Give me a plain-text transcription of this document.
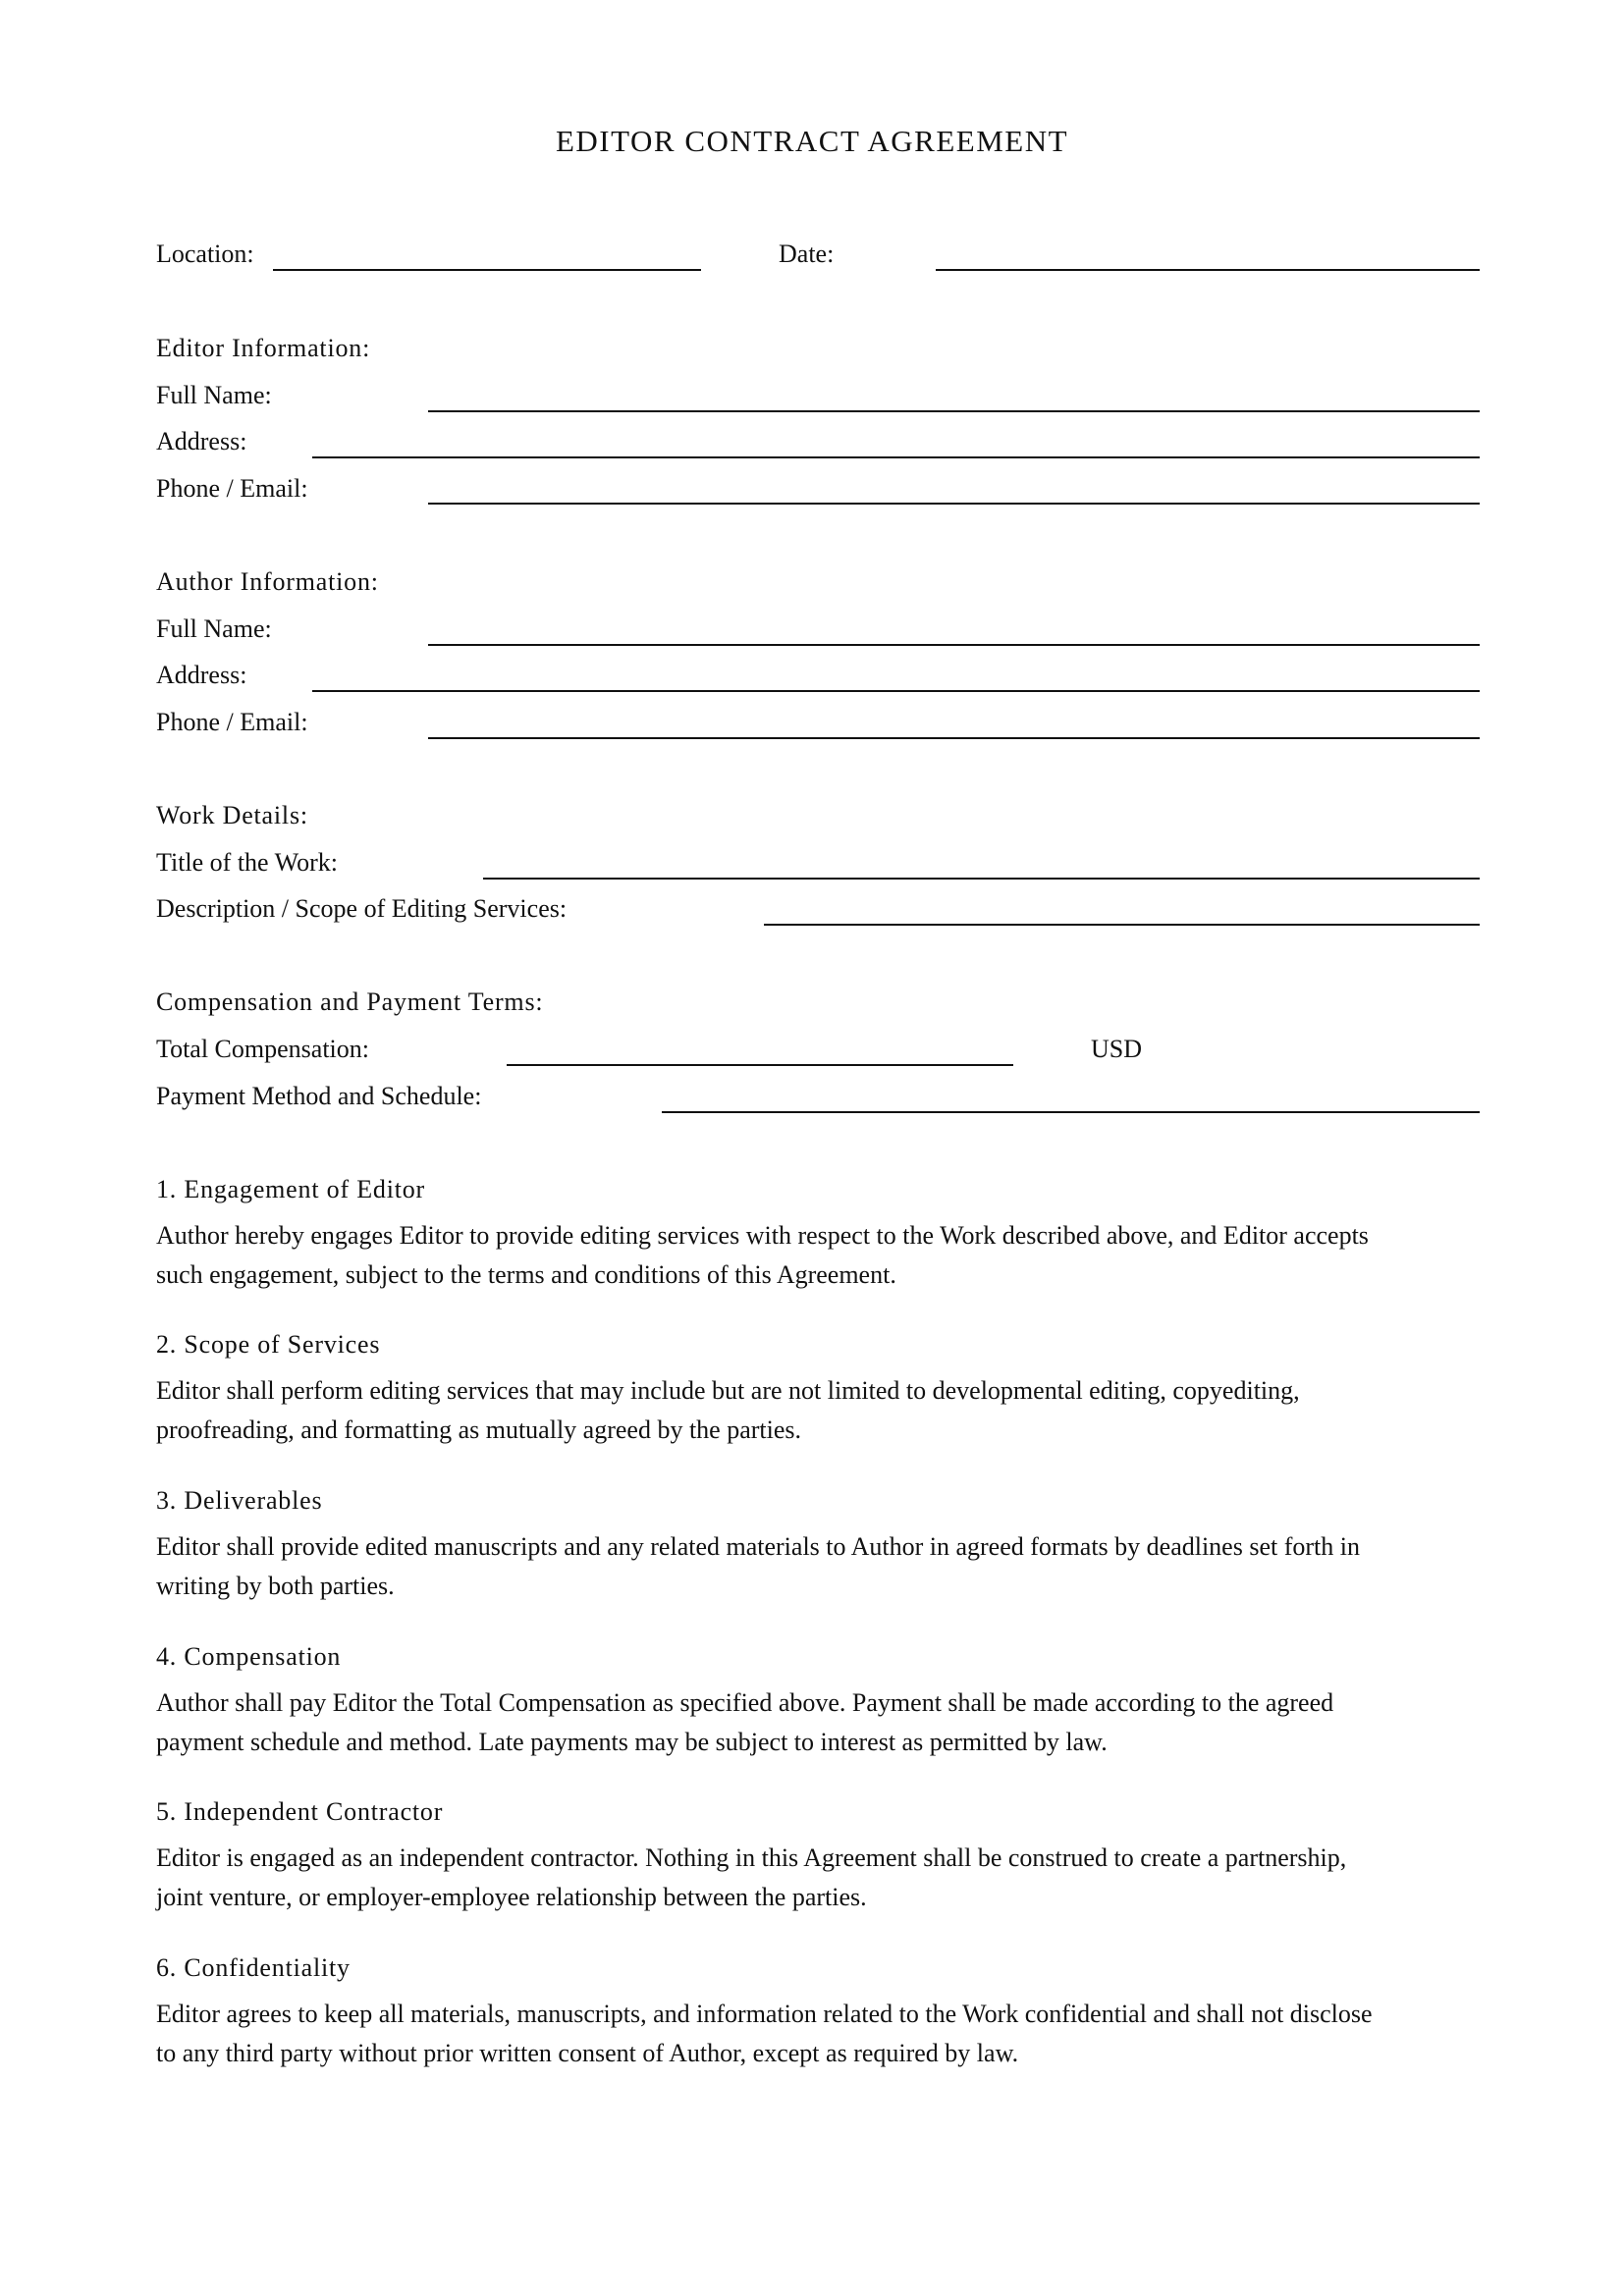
EDITOR CONTRACT AGREEMENT
Location:	Date:
Editor Information:
Full Name:
Address:
Phone / Email:
Author Information:
Full Name:
Address:
Phone / Email:
Work Details:
Title of the Work:
Description / Scope of Editing Services:
Compensation and Payment Terms:
Total Compensation:	USD
Payment Method and Schedule:
1. Engagement of Editor
Author hereby engages Editor to provide editing services with respect to the Work described above, and Editor accepts
such engagement, subject to the terms and conditions of this Agreement.
2. Scope of Services
Editor shall perform editing services that may include but are not limited to developmental editing, copyediting,
proofreading, and formatting as mutually agreed by the parties.
3. Deliverables
Editor shall provide edited manuscripts and any related materials to Author in agreed formats by deadlines set forth in
writing by both parties.
4. Compensation
Author shall pay Editor the Total Compensation as specified above. Payment shall be made according to the agreed
payment schedule and method. Late payments may be subject to interest as permitted by law.
5. Independent Contractor
Editor is engaged as an independent contractor. Nothing in this Agreement shall be construed to create a partnership,
joint venture, or employer-employee relationship between the parties.
6. Confidentiality
Editor agrees to keep all materials, manuscripts, and information related to the Work confidential and shall not disclose
to any third party without prior written consent of Author, except as required by law.
